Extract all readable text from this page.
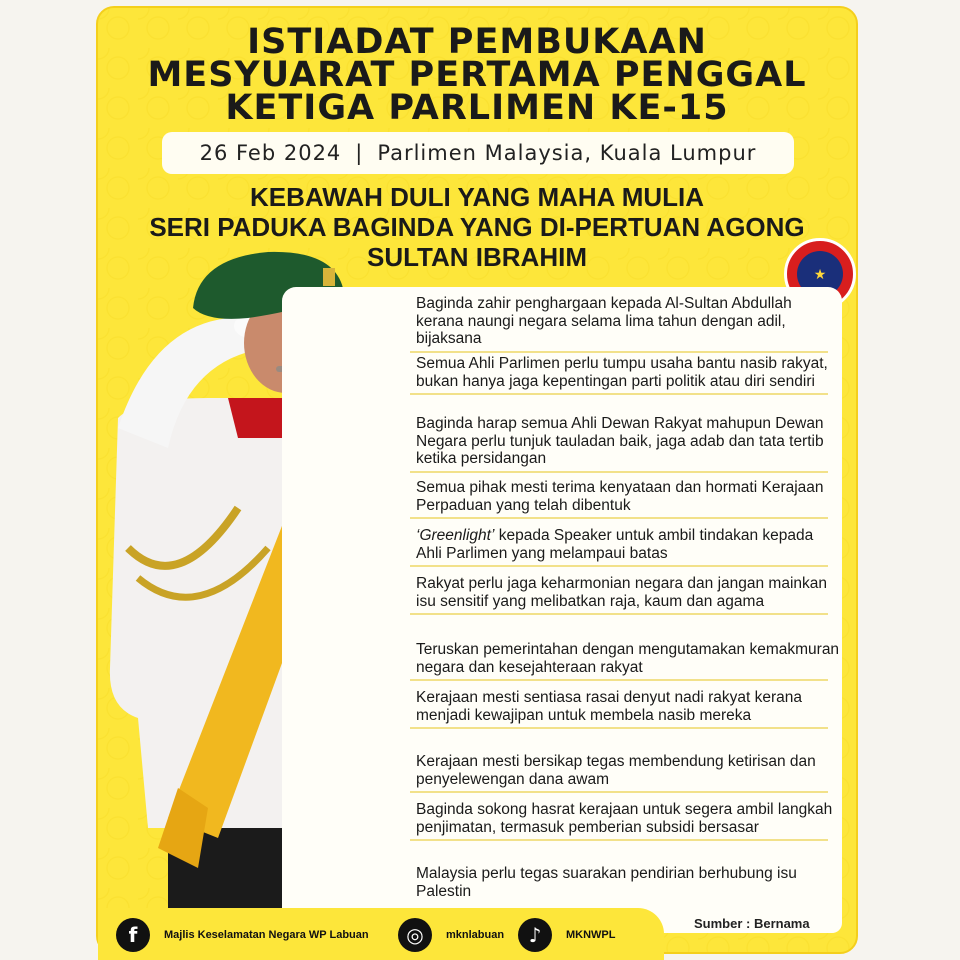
ISTIADAT PEMBUKAAN
MESYUARAT PERTAMA PENGGAL
KETIGA PARLIMEN KE-15
26 Feb 2024 | Parlimen Malaysia, Kuala Lumpur
KEBAWAH DULI YANG MAHA MULIA
SERI PADUKA BAGINDA YANG DI-PERTUAN AGONG
SULTAN IBRAHIM
★
Baginda zahir penghargaan kepada Al-Sultan Abdullah kerana naungi negara selama lima tahun dengan adil, bijaksana
Semua Ahli Parlimen perlu tumpu usaha bantu nasib rakyat, bukan hanya jaga kepentingan parti politik atau diri sendiri
Baginda harap semua Ahli Dewan Rakyat mahupun Dewan Negara perlu tunjuk tauladan baik, jaga adab dan tata tertib ketika persidangan
Semua pihak mesti terima kenyataan dan hormati Kerajaan Perpaduan yang telah dibentuk
‘Greenlight’ kepada Speaker untuk ambil tindakan kepada Ahli Parlimen yang melampaui batas
Rakyat perlu jaga keharmonian negara dan jangan mainkan isu sensitif yang melibatkan raja, kaum dan agama
Teruskan pemerintahan dengan mengutamakan kemakmuran negara dan kesejahteraan rakyat
Kerajaan mesti sentiasa rasai denyut nadi rakyat kerana menjadi kewajipan untuk membela nasib mereka
Kerajaan mesti bersikap tegas membendung ketirisan dan penyelewengan dana awam
Baginda sokong hasrat kerajaan untuk segera ambil langkah penjimatan, termasuk pemberian subsidi bersasar
Malaysia perlu tegas suarakan pendirian berhubung isu Palestin
Sumber : Bernama
f	Majlis Keselamatan Negara WP Labuan	◎	mknlabuan	♪	MKNWPL
